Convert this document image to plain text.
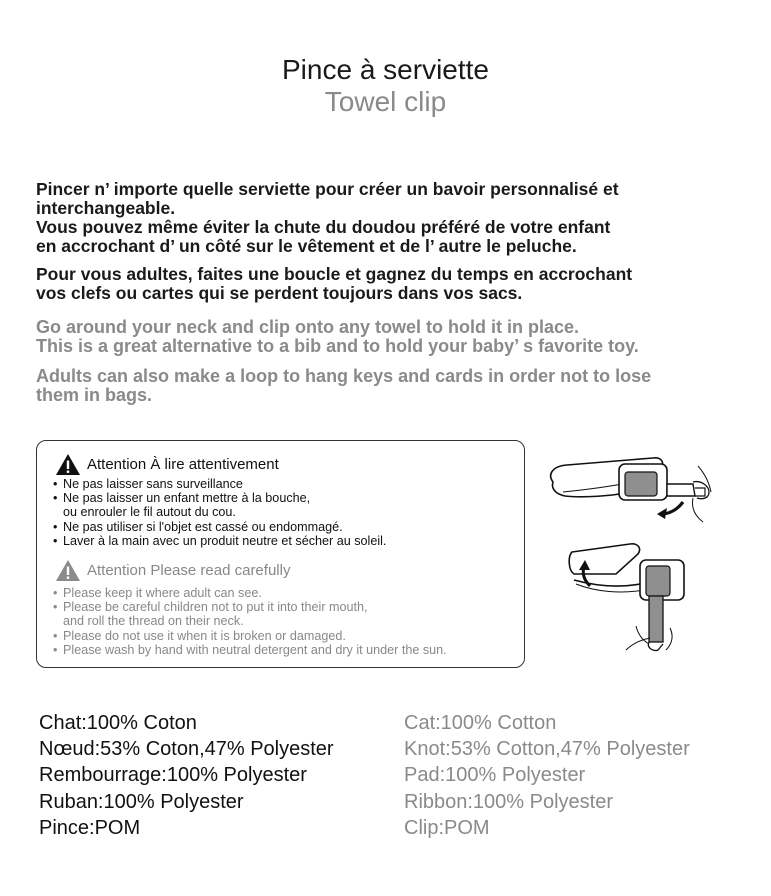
Pince à serviette
Towel clip
Pincer n’ importe quelle serviette pour créer un bavoir personnalisé et
interchangeable.
Vous pouvez même éviter la chute du doudou préféré de votre enfant
en accrochant d’ un côté sur le vêtement et de l’ autre le peluche.
Pour vous adultes, faites une boucle et gagnez du temps en accrochant
vos clefs ou cartes qui se perdent toujours dans vos sacs.
Go around your neck and clip onto any towel to hold it in place.
This is a great alternative to a bib and to hold your baby’ s favorite toy.
Adults can also make a loop to hang keys and cards in order not to lose
them in bags.
Attention À lire attentivement
• Ne pas laisser sans surveillance
• Ne pas laisser un enfant mettre à la bouche,
ou enrouler le fil autout du cou.
• Ne pas utiliser si l'objet est cassé ou endommagé.
• Laver à la main avec un produit neutre et sécher au soleil.
Attention Please read carefully
• Please keep it where adult can see.
• Please be careful children not to put it into their mouth,
and roll the thread on their neck.
• Please do not use it when it is broken or damaged.
• Please wash by hand with neutral detergent and dry it under the sun.
Chat:100% Coton
Nœud:53% Coton,47% Polyester
Rembourrage:100% Polyester
Ruban:100% Polyester
Pince:POM
Cat:100% Cotton
Knot:53% Cotton,47% Polyester
Pad:100% Polyester
Ribbon:100% Polyester
Clip:POM
